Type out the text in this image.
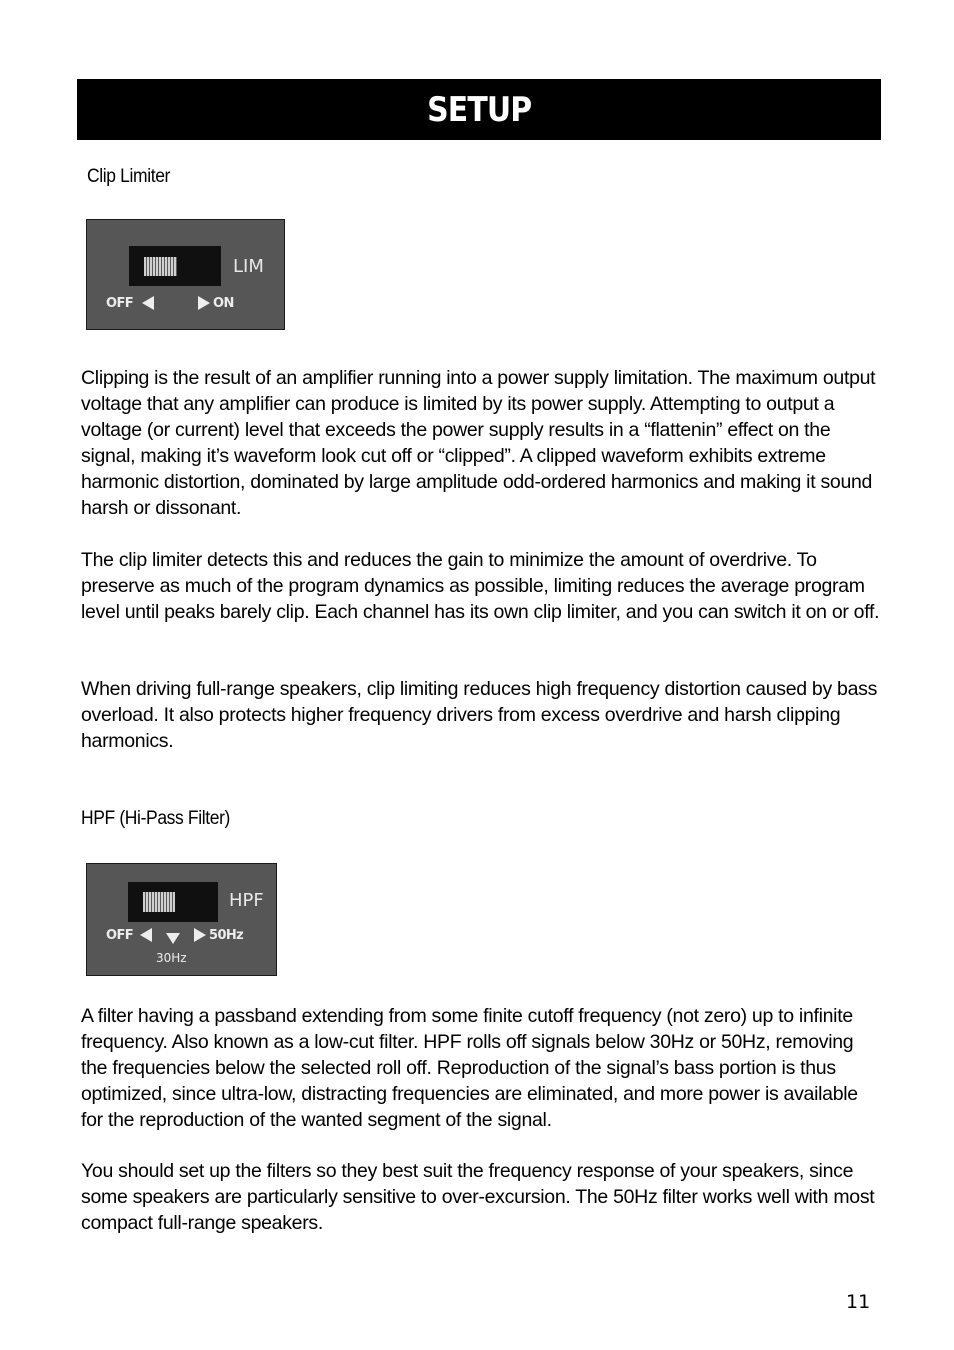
SETUP
Clip Limiter
LIM
OFF	ON

Clipping is the result of an amplifier running into a power supply limitation. The maximum output voltage that any amplifier can produce is limited by its power supply. Attempting to output a voltage (or current) level that exceeds the power supply results in a “flattenin” effect on the signal, making it’s waveform look cut off or “clipped”. A clipped waveform exhibits extreme harmonic distortion, dominated by large amplitude odd-ordered harmonics and making it sound harsh or dissonant.

The clip limiter detects this and reduces the gain to minimize the amount of overdrive. To preserve as much of the program dynamics as possible, limiting reduces the average program level until peaks barely clip. Each channel has its own clip limiter, and you can switch it on or off.

When driving full-range speakers, clip limiting reduces high frequency distortion caused by bass overload. It also protects higher frequency drivers from excess overdrive and harsh clipping harmonics.

HPF (Hi-Pass Filter)
HPF
OFF	50Hz
30Hz

A filter having a passband extending from some finite cutoff frequency (not zero) up to infinite frequency. Also known as a low-cut filter. HPF rolls off signals below 30Hz or 50Hz, removing the frequencies below the selected roll off. Reproduction of the signal’s bass portion is thus optimized, since ultra-low, distracting frequencies are eliminated, and more power is available for the reproduction of the wanted segment of the signal.

You should set up the filters so they best suit the frequency response of your speakers, since some speakers are particularly sensitive to over-excursion. The 50Hz filter works well with most compact full-range speakers.

11
